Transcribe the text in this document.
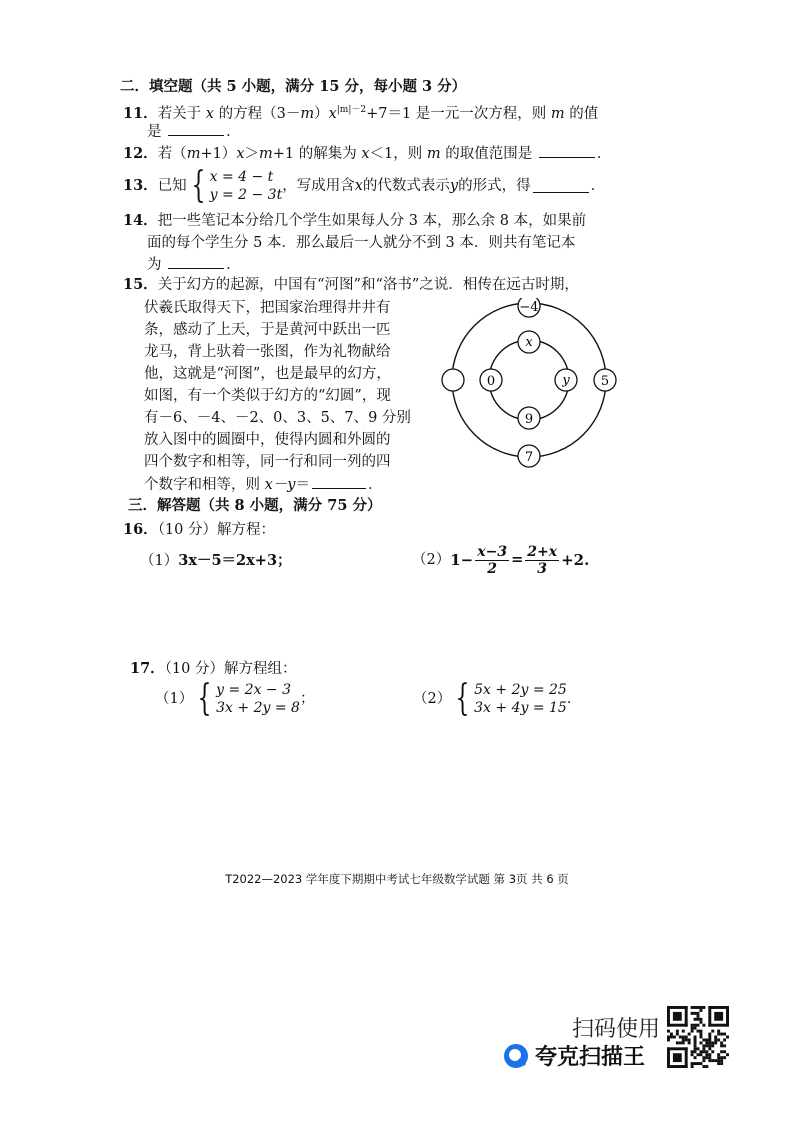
二．填空题（共 5 小题，满分 15 分，每小题 3 分）
11．若关于 x 的方程$(3-m)x^{|m|-2}+7=1$ 是一元一次方程，则 m 的值
是	．
12．若（m+1）x＞m+1 的解集为 x＜1，则 m 的取值范围是	．
13． 已知 { x = 4 − t
y = 2 − 3t
，写成用含 x 的代数式表示 y 的形式，得	．
14．把一些笔记本分给几个学生如果每人分 3 本，那么余 8 本，如果前
面的每个学生分 5 本．那么最后一人就分不到 3 本．则共有笔记本
为	．
15．关于幻方的起源，中国有“河图”和“洛书”之说．相传在远古时期，
伏羲氏取得天下，把国家治理得井井有
条，感动了上天，于是黄河中跃出一匹
龙马，背上驮着一张图，作为礼物献给
他，这就是“河图”，也是最早的幻方，
如图，有一个类似于幻方的“幻圆”，现
有－6、－4、－2、0、3、5、7、9 分别
放入图中的圆圈中，使得内圆和外圆的
四个数字和相等，同一行和同一列的四
个数字和相等，则 x－y＝	．
−4
x
0	y 5
9
7
三．解答题（共 8 小题，满分 75 分）
16．（10 分）解方程：
（1）3x－5＝2x+3；	（2） $1- \frac{x-3}{2} = \frac{2+x}{3} +2$.
17．（10 分）解方程组：
（1） { y = 2x − 3
3x + 2y = 8
；	（2） { 5x + 2y = 25
3x + 4y = 15
．
T2022—2023 学年度下期期中考试七年级数学试题 第 3页 共 6 页
扫码使用
夸克扫描王
